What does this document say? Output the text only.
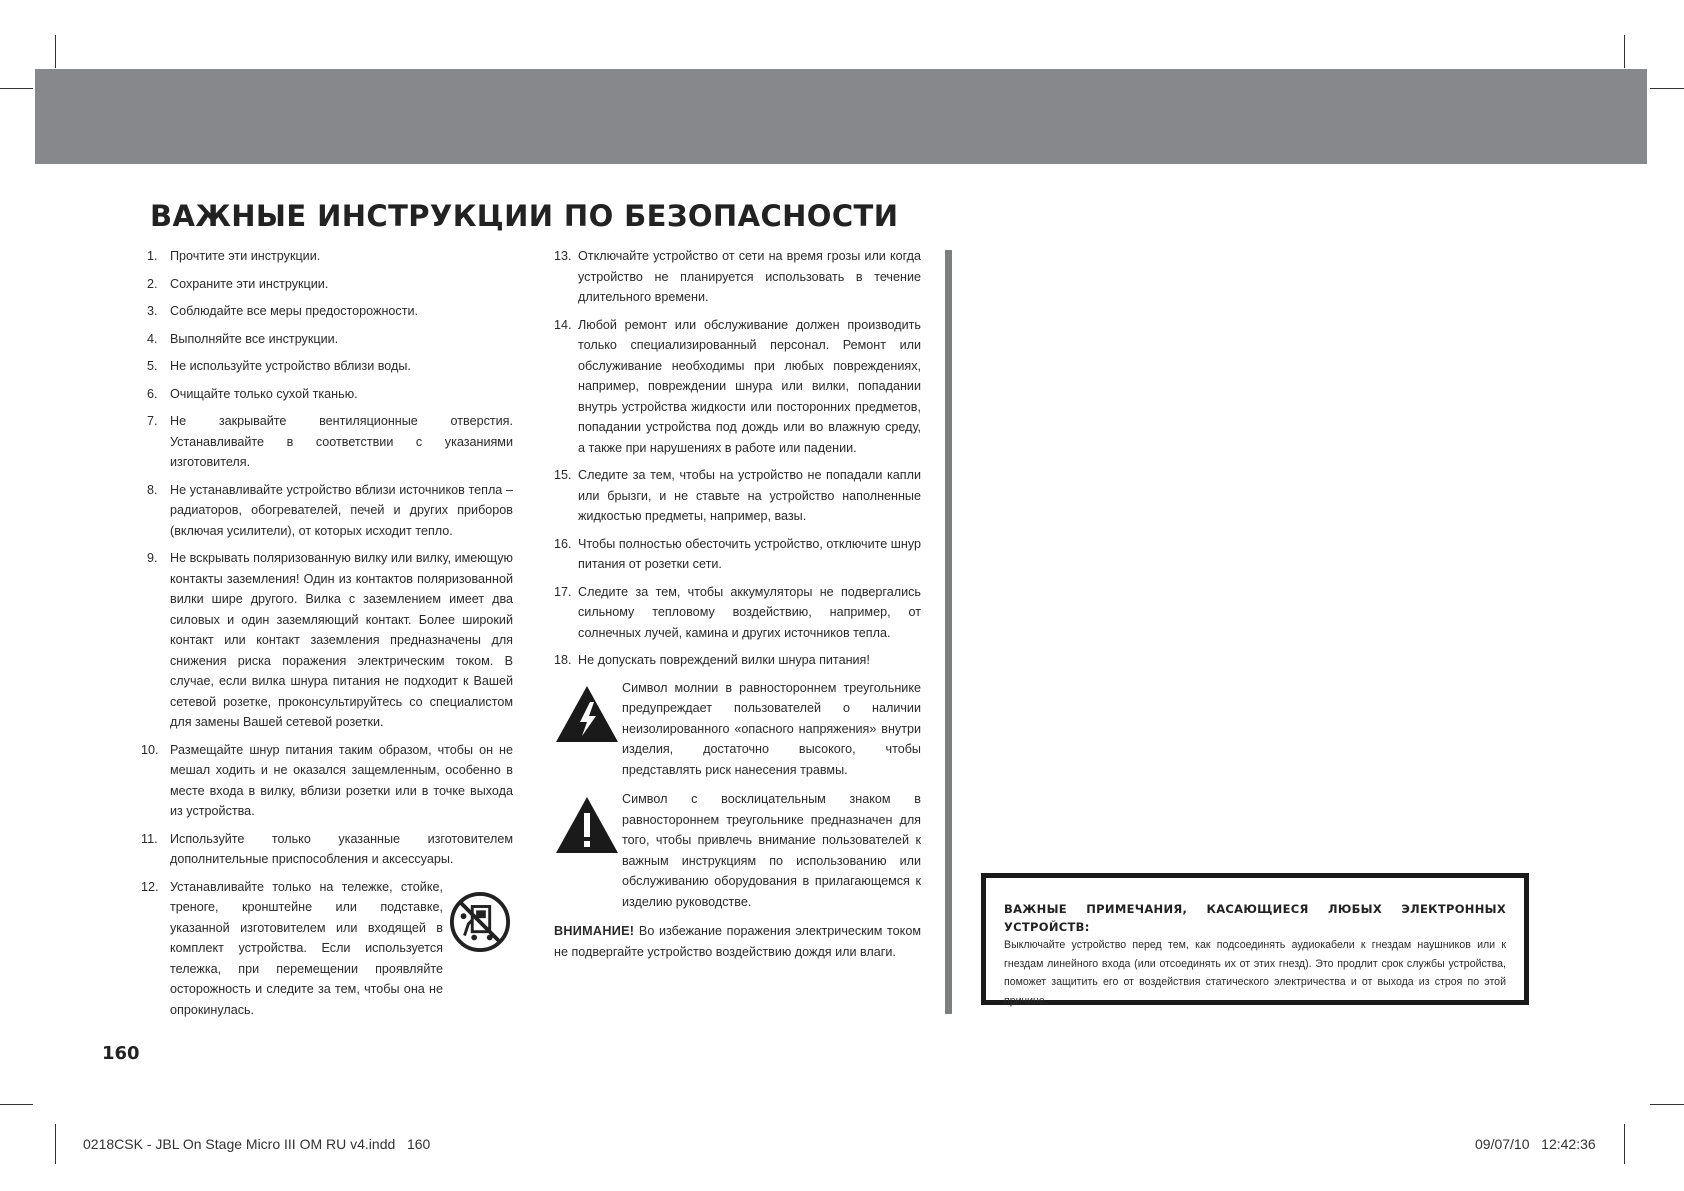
ВАЖНЫЕ ИНСТРУКЦИИ ПО БЕЗОПАСНОСТИ
1. Прочтите эти инструкции.
2. Сохраните эти инструкции.
3. Соблюдайте все меры предосторожности.
4. Выполняйте все инструкции.
5. Не используйте устройство вблизи воды.
6. Очищайте только сухой тканью.
7. Не закрывайте вентиляционные отверстия. Устанавливайте в соответствии с указаниями изготовителя.
8. Не устанавливайте устройство вблизи источников тепла – радиаторов, обогревателей, печей и других приборов (включая усилители), от которых исходит тепло.
9. Не вскрывать поляризованную вилку или вилку, имеющую контакты заземления! Один из контактов поляризованной вилки шире другого. Вилка с заземлением имеет два силовых и один заземляющий контакт. Более широкий контакт или контакт заземления предназначены для снижения риска поражения электрическим током. В случае, если вилка шнура питания не подходит к Вашей сетевой розетке, проконсультируйтесь со специалистом для замены Вашей сетевой розетки.
10. Размещайте шнур питания таким образом, чтобы он не мешал ходить и не оказался защемленным, особенно в месте входа в вилку, вблизи розетки или в точке выхода из устройства.
11. Используйте только указанные изготовителем дополнительные приспособления и аксессуары.
12. Устанавливайте только на тележке, стойке, треноге, кронштейне или подставке, указанной изготовителем или входящей в комплект устройства. Если используется тележка, при перемещении проявляйте осторожность и следите за тем, чтобы она не опрокинулась.
13. Отключайте устройство от сети на время грозы или когда устройство не планируется использовать в течение длительного времени.
14. Любой ремонт или обслуживание должен производить только специализированный персонал. Ремонт или обслуживание необходимы при любых повреждениях, например, повреждении шнура или вилки, попадании внутрь устройства жидкости или посторонних предметов, попадании устройства под дождь или во влажную среду, а также при нарушениях в работе или падении.
15. Следите за тем, чтобы на устройство не попадали капли или брызги, и не ставьте на устройство наполненные жидкостью предметы, например, вазы.
16. Чтобы полностью обесточить устройство, отключите шнур питания от розетки сети.
17. Следите за тем, чтобы аккумуляторы не подвергались сильному тепловому воздействию, например, от солнечных лучей, камина и других источников тепла.
18. Не допускать повреждений вилки шнура питания!
Символ молнии в равностороннем треугольнике предупреждает пользователей о наличии неизолированного «опасного напряжения» внутри изделия, достаточно высокого, чтобы представлять риск нанесения травмы.
Символ с восклицательным знаком в равностороннем треугольнике предназначен для того, чтобы привлечь внимание пользователей к важным инструкциям по использованию или обслуживанию оборудования в прилагающемся к изделию руководстве.

ВНИМАНИЕ! Во избежание поражения электрическим током не подвергайте устройство воздействию дождя или влаги.

ВАЖНЫЕ ПРИМЕЧАНИЯ, КАСАЮЩИЕСЯ ЛЮБЫХ ЭЛЕКТРОННЫХ УСТРОЙСТВ:
Выключайте устройство перед тем, как подсоединять аудиокабели к гнездам наушников или к гнездам линейного входа (или отсоединять их от этих гнезд). Это продлит срок службы устройства, поможет защитить его от воздействия статического электричества и от выхода из строя по этой причине.
160
0218CSK - JBL On Stage Micro III OM RU v4.indd   160	09/07/10   12:42:36
